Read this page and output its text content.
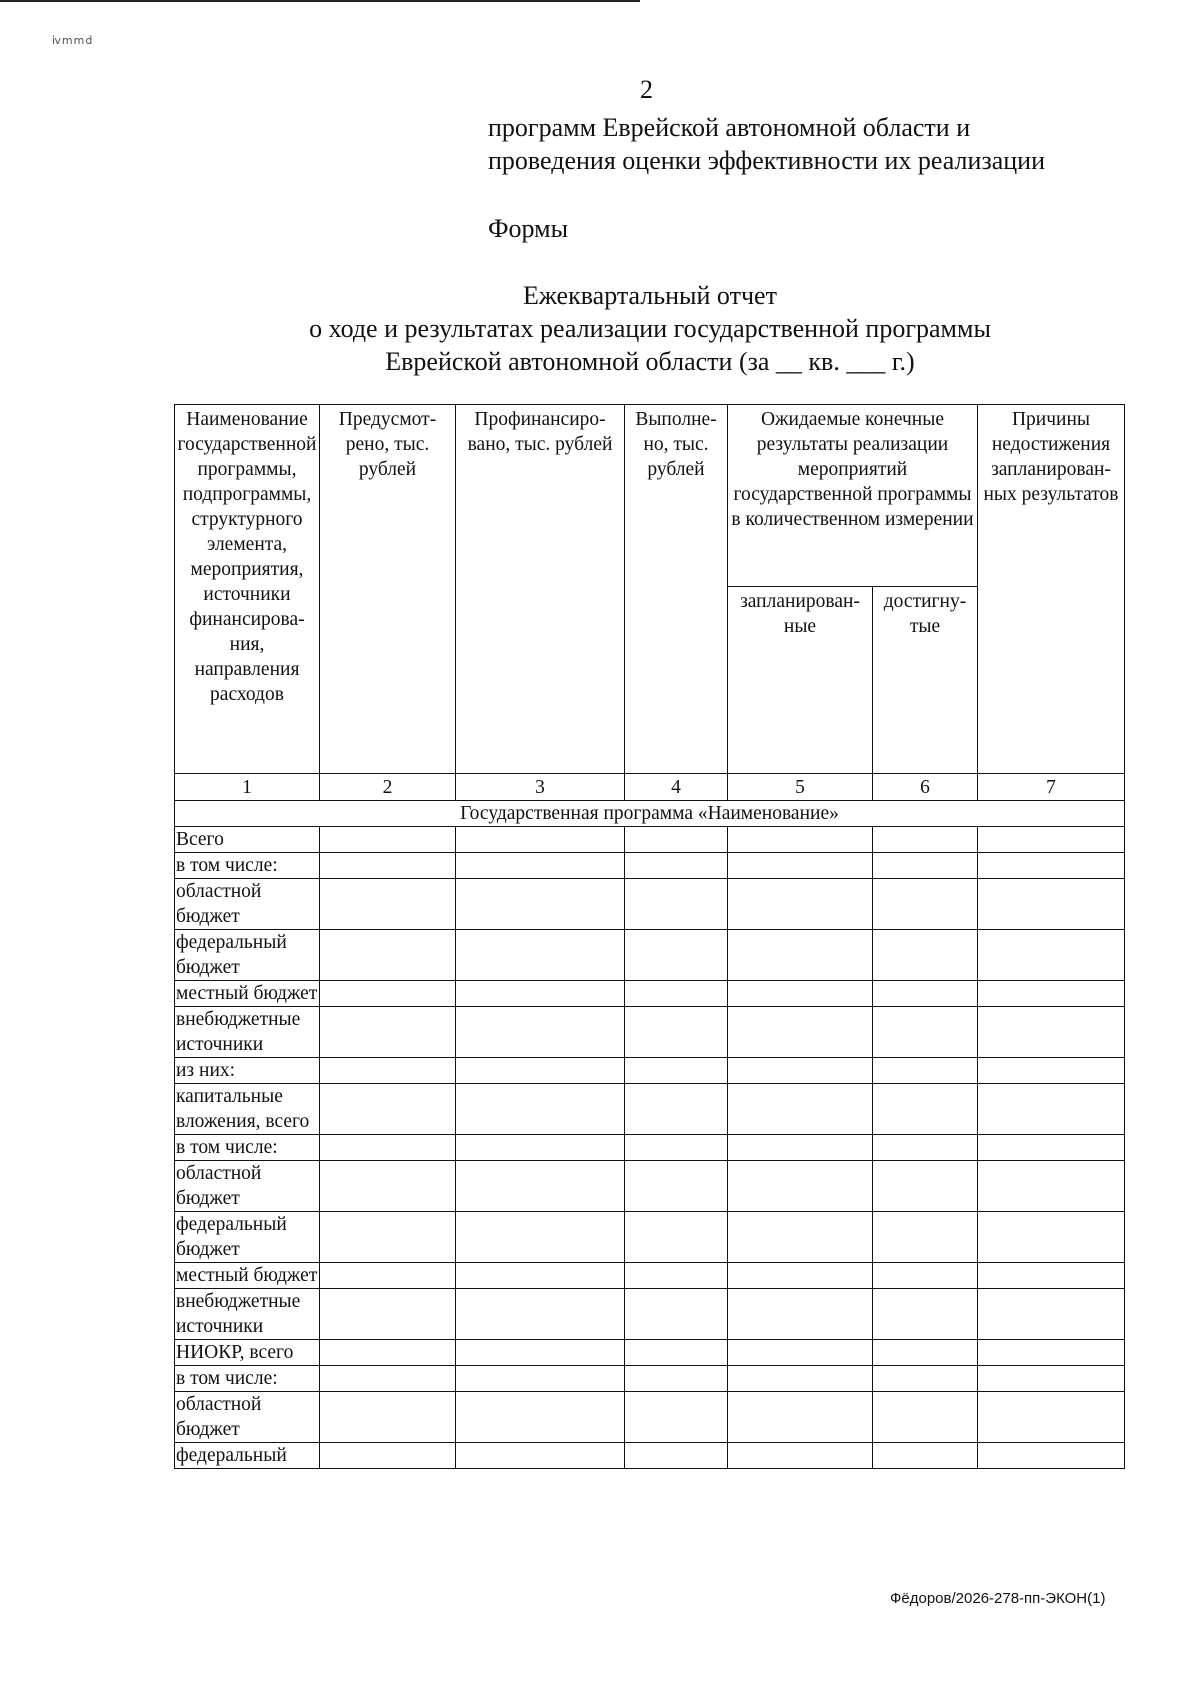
ⅳⅿⅿⅾ
2
программ Еврейской автономной области и
проведения оценки эффективности их реализации
Формы
Ежеквартальный отчет
о ходе и результатах реализации государственной программы
Еврейской автономной области (за __ кв. ___ г.)
Наименование государственной программы, подпрограммы, структурного элемента, мероприятия, источники финансирования, направления расходов	Предусмотрено, тыс. рублей	Профинансировано, тыс. рублей	Выполнено, тыс. рублей	Ожидаемые конечные результаты реализации мероприятий государственной программы в количественном измерении		Причины недостижения запланированных результатов
				запланированные	достигнутые	
1	2	3	4	5	6	7
Государственная программа «Наименование»						
Всего						
в том числе:						
областной бюджет						
федеральный бюджет						
местный бюджет						
внебюджетные источники						
из них:						
капитальные вложения, всего						
в том числе:						
областной бюджет						
федеральный бюджет						
местный бюджет						
внебюджетные источники						
НИОКР, всего						
в том числе:						
областной бюджет						
федеральный						
Фёдоров/2026-278-пп-ЭКОН(1)
